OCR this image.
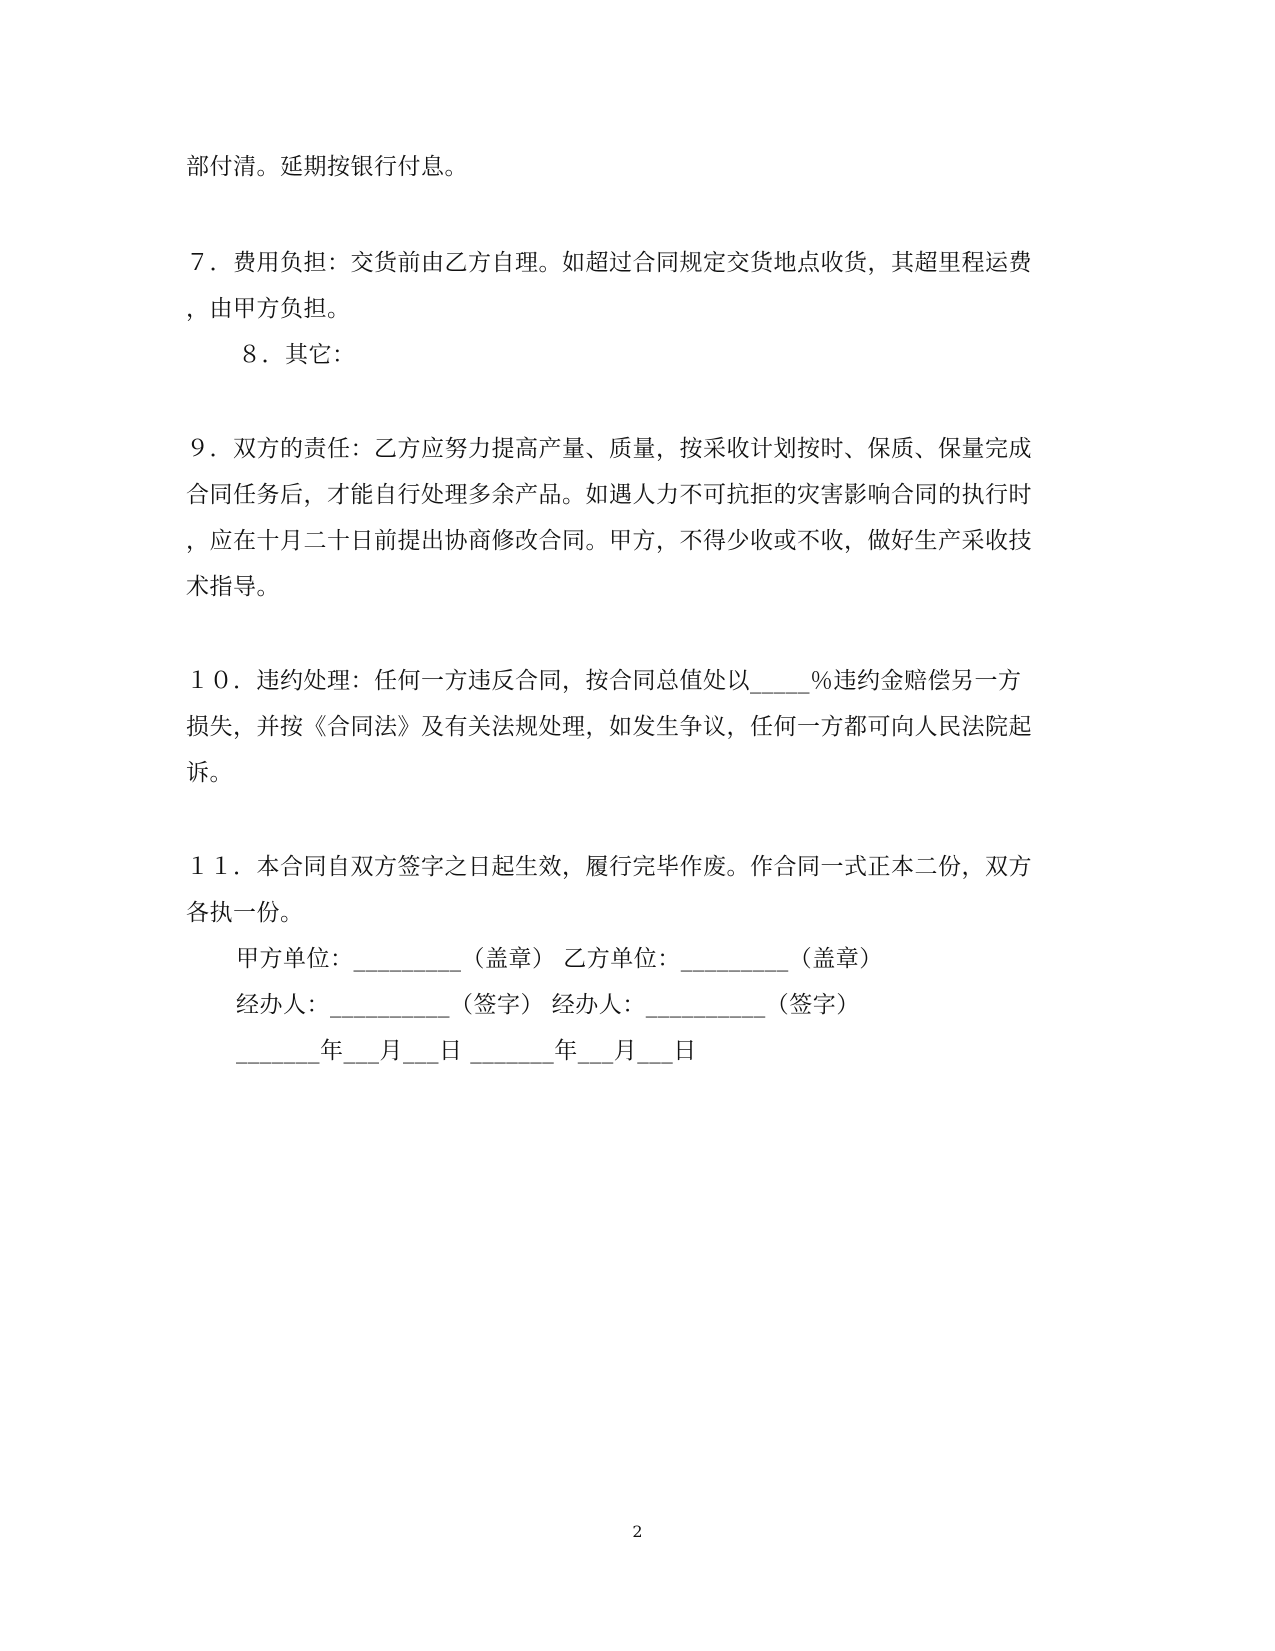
部付清。延期按银行付息。
７．费用负担：交货前由乙方自理。如超过合同规定交货地点收货，其超里程运费
，由甲方负担。
８．其它：
９．双方的责任：乙方应努力提高产量、质量，按采收计划按时、保质、保量完成
合同任务后，才能自行处理多余产品。如遇人力不可抗拒的灾害影响合同的执行时
，应在十月二十日前提出协商修改合同。甲方，不得少收或不收，做好生产采收技
术指导。
１０．违约处理：任何一方违反合同，按合同总值处以_____％违约金赔偿另一方
损失，并按《合同法》及有关法规处理，如发生争议，任何一方都可向人民法院起
诉。
１１．本合同自双方签字之日起生效，履行完毕作废。作合同一式正本二份，双方
各执一份。
甲方单位：_________（盖章） 乙方单位：_________（盖章）
经办人：__________（签字） 经办人：__________（签字）
_______年___月___日 _______年___月___日
2
